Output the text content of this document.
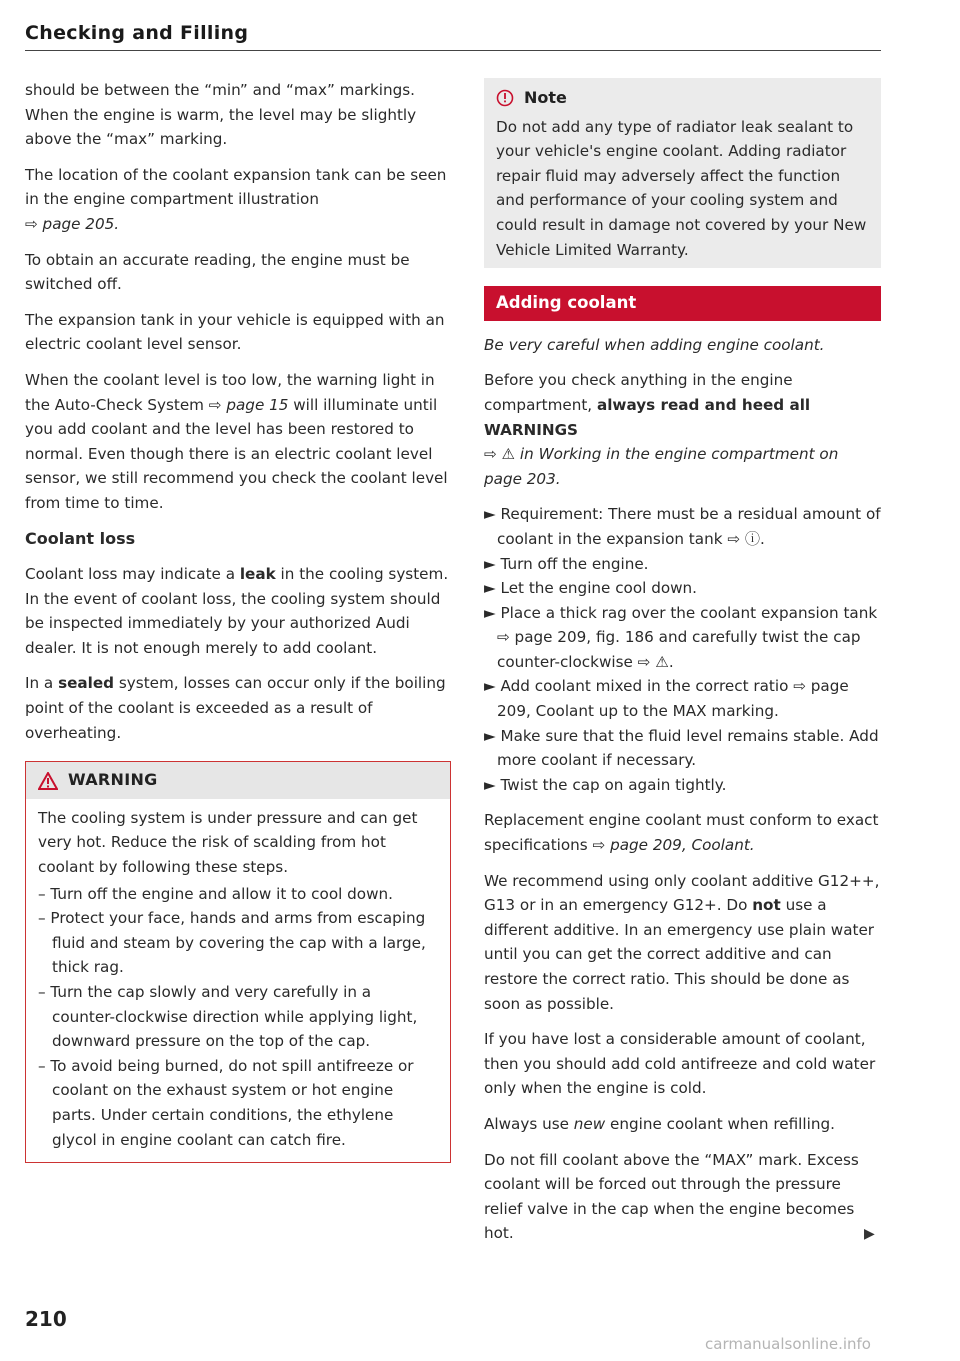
Checking and Filling

should be between the “min” and “max” markings. When the engine is warm, the level may be slightly above the “max” marking.

The location of the coolant expansion tank can be seen in the engine compartment illustration
⇨ page 205.

To obtain an accurate reading, the engine must be switched off.

The expansion tank in your vehicle is equipped with an electric coolant level sensor.

When the coolant level is too low, the warning light in the Auto-Check System ⇨ page 15 will illuminate until you add coolant and the level has been restored to normal. Even though there is an electric coolant level sensor, we still recommend you check the coolant level from time to time.

Coolant loss

Coolant loss may indicate a leak in the cooling system. In the event of coolant loss, the cooling system should be inspected immediately by your authorized Audi dealer. It is not enough merely to add coolant.

In a sealed system, losses can occur only if the boiling point of the coolant is exceeded as a result of overheating.

WARNING

The cooling system is under pressure and can get very hot. Reduce the risk of scalding from hot coolant by following these steps.

– Turn off the engine and allow it to cool down.

– Protect your face, hands and arms from escaping fluid and steam by covering the cap with a large, thick rag.

– Turn the cap slowly and very carefully in a counter-clockwise direction while applying light, downward pressure on the top of the cap.

– To avoid being burned, do not spill antifreeze or coolant on the exhaust system or hot engine parts. Under certain conditions, the ethylene glycol in engine coolant can catch fire.

Note
Do not add any type of radiator leak sealant to your vehicle's engine coolant. Adding radiator repair fluid may adversely affect the function and performance of your cooling system and could result in damage not covered by your New Vehicle Limited Warranty.
Adding coolant

Be very careful when adding engine coolant.

Before you check anything in the engine compartment, always read and heed all WARNINGS
⇨ ⚠ in Working in the engine compartment on page 203.

► Requirement: There must be a residual amount of coolant in the expansion tank ⇨ ⓘ.

► Turn off the engine.

► Let the engine cool down.

► Place a thick rag over the coolant expansion tank ⇨ page 209, fig. 186 and carefully twist the cap counter-clockwise ⇨ ⚠.

► Add coolant mixed in the correct ratio ⇨ page 209, Coolant up to the MAX marking.

► Make sure that the fluid level remains stable. Add more coolant if necessary.

► Twist the cap on again tightly.

Replacement engine coolant must conform to exact specifications ⇨ page 209, Coolant.

We recommend using only coolant additive G12++, G13 or in an emergency G12+. Do not use a different additive. In an emergency use plain water until you can get the correct additive and can restore the correct ratio. This should be done as soon as possible.

If you have lost a considerable amount of coolant, then you should add cold antifreeze and cold water only when the engine is cold.

Always use new engine coolant when refilling.

Do not fill coolant above the “MAX” mark. Excess coolant will be forced out through the pressure relief valve in the cap when the engine becomes hot.	▶
210
carmanualsonline.info
